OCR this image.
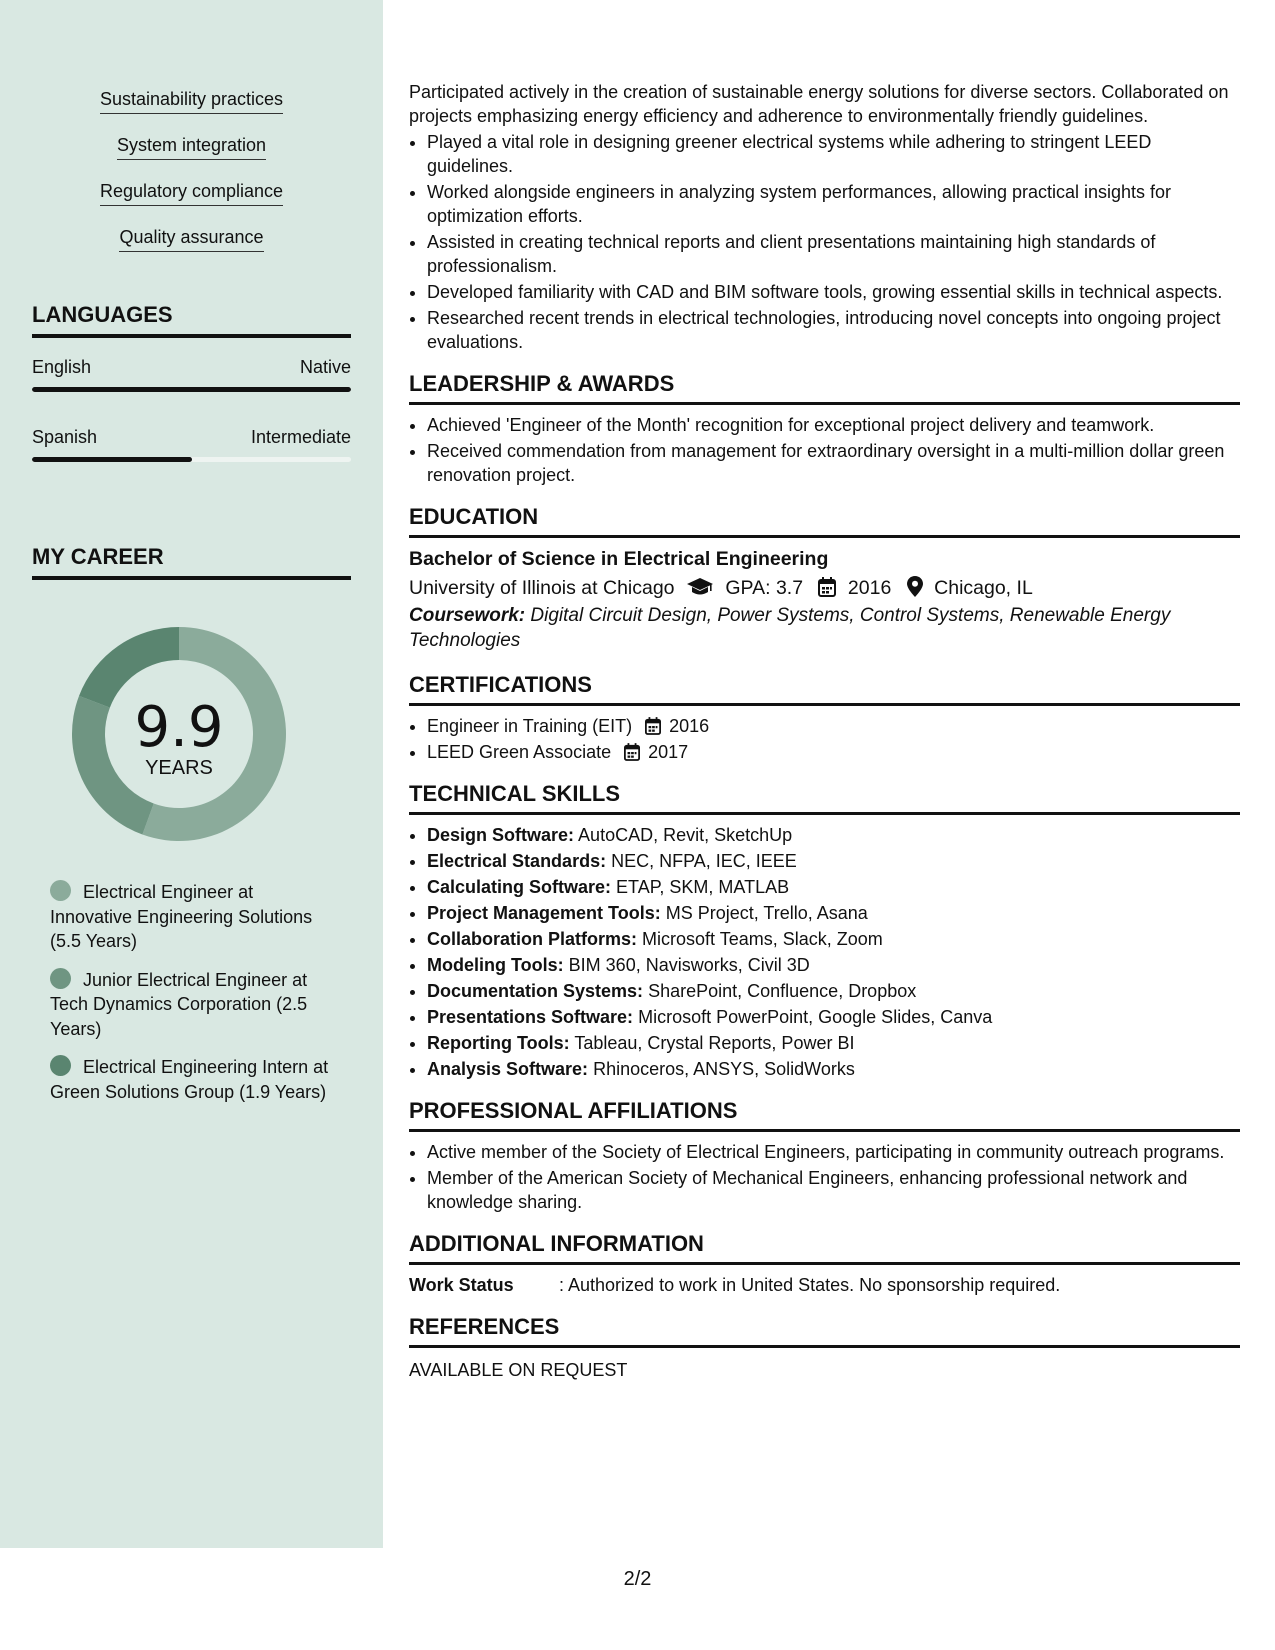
Sustainability practices
System integration
Regulatory compliance
Quality assurance
LANGUAGES
English	Native
Spanish	Intermediate
MY CAREER
9.9
YEARS
Electrical Engineer at Innovative Engineering Solutions (5.5 Years)
Junior Electrical Engineer at Tech Dynamics Corporation (2.5 Years)
Electrical Engineering Intern at Green Solutions Group (1.9 Years)

Participated actively in the creation of sustainable energy solutions for diverse sectors. Collaborated on projects emphasizing energy efficiency and adherence to environmentally friendly guidelines.

• Played a vital role in designing greener electrical systems while adhering to stringent LEED guidelines.
• Worked alongside engineers in analyzing system performances, allowing practical insights for optimization efforts.
• Assisted in creating technical reports and client presentations maintaining high standards of professionalism.
• Developed familiarity with CAD and BIM software tools, growing essential skills in technical aspects.
• Researched recent trends in electrical technologies, introducing novel concepts into ongoing project evaluations.
LEADERSHIP & AWARDS
• Achieved 'Engineer of the Month' recognition for exceptional project delivery and teamwork.
• Received commendation from management for extraordinary oversight in a multi-million dollar green renovation project.
EDUCATION
Bachelor of Science in Electrical Engineering
University of Illinois at Chicago	GPA: 3.7 2016 Chicago, IL
Coursework: Digital Circuit Design, Power Systems, Control Systems, Renewable Energy Technologies
CERTIFICATIONS
• Engineer in Training (EIT) 2016
• LEED Green Associate 2017
TECHNICAL SKILLS
• Design Software: AutoCAD, Revit, SketchUp
• Electrical Standards: NEC, NFPA, IEC, IEEE
• Calculating Software: ETAP, SKM, MATLAB
• Project Management Tools: MS Project, Trello, Asana
• Collaboration Platforms: Microsoft Teams, Slack, Zoom
• Modeling Tools: BIM 360, Navisworks, Civil 3D
• Documentation Systems: SharePoint, Confluence, Dropbox
• Presentations Software: Microsoft PowerPoint, Google Slides, Canva
• Reporting Tools: Tableau, Crystal Reports, Power BI
• Analysis Software: Rhinoceros, ANSYS, SolidWorks
PROFESSIONAL AFFILIATIONS
• Active member of the Society of Electrical Engineers, participating in community outreach programs.
• Member of the American Society of Mechanical Engineers, enhancing professional network and knowledge sharing.
ADDITIONAL INFORMATION
Work Status	: Authorized to work in United States. No sponsorship required.
REFERENCES
AVAILABLE ON REQUEST
2/2
